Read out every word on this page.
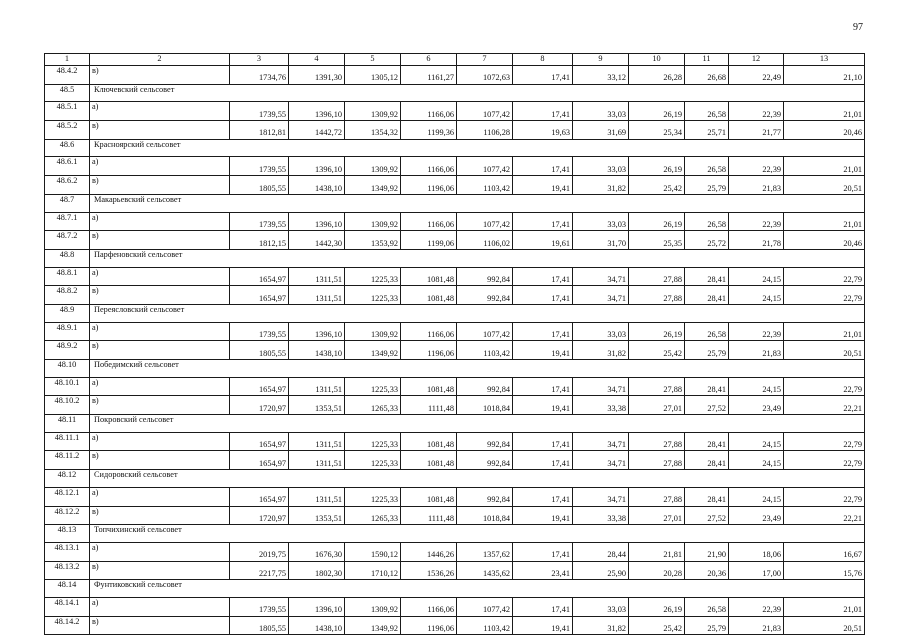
97
1	2	3	4	5	6	7	8	9	10	11	12	13
48.4.2	в)	1734,76	1391,30	1305,12	1161,27	1072,63	17,41	33,12	26,28	26,68	22,49	21,10
48.5	Ключевский сельсовет											
48.5.1	а)	1739,55	1396,10	1309,92	1166,06	1077,42	17,41	33,03	26,19	26,58	22,39	21,01
48.5.2	в)	1812,81	1442,72	1354,32	1199,36	1106,28	19,63	31,69	25,34	25,71	21,77	20,46
48.6	Красноярский сельсовет											
48.6.1	а)	1739,55	1396,10	1309,92	1166,06	1077,42	17,41	33,03	26,19	26,58	22,39	21,01
48.6.2	в)	1805,55	1438,10	1349,92	1196,06	1103,42	19,41	31,82	25,42	25,79	21,83	20,51
48.7	Макарьевский сельсовет											
48.7.1	а)	1739,55	1396,10	1309,92	1166,06	1077,42	17,41	33,03	26,19	26,58	22,39	21,01
48.7.2	в)	1812,15	1442,30	1353,92	1199,06	1106,02	19,61	31,70	25,35	25,72	21,78	20,46
48.8	Парфеновский сельсовет											
48.8.1	а)	1654,97	1311,51	1225,33	1081,48	992,84	17,41	34,71	27,88	28,41	24,15	22,79
48.8.2	в)	1654,97	1311,51	1225,33	1081,48	992,84	17,41	34,71	27,88	28,41	24,15	22,79
48.9	Переясловский сельсовет											
48.9.1	а)	1739,55	1396,10	1309,92	1166,06	1077,42	17,41	33,03	26,19	26,58	22,39	21,01
48.9.2	в)	1805,55	1438,10	1349,92	1196,06	1103,42	19,41	31,82	25,42	25,79	21,83	20,51
48.10	Победимский сельсовет											
48.10.1	а)	1654,97	1311,51	1225,33	1081,48	992,84	17,41	34,71	27,88	28,41	24,15	22,79
48.10.2	в)	1720,97	1353,51	1265,33	1111,48	1018,84	19,41	33,38	27,01	27,52	23,49	22,21
48.11	Покровский сельсовет											
48.11.1	а)	1654,97	1311,51	1225,33	1081,48	992,84	17,41	34,71	27,88	28,41	24,15	22,79
48.11.2	в)	1654,97	1311,51	1225,33	1081,48	992,84	17,41	34,71	27,88	28,41	24,15	22,79
48.12	Сидоровский сельсовет											
48.12.1	а)	1654,97	1311,51	1225,33	1081,48	992,84	17,41	34,71	27,88	28,41	24,15	22,79
48.12.2	в)	1720,97	1353,51	1265,33	1111,48	1018,84	19,41	33,38	27,01	27,52	23,49	22,21
48.13	Топчихинский сельсовет											
48.13.1	а)	2019,75	1676,30	1590,12	1446,26	1357,62	17,41	28,44	21,81	21,90	18,06	16,67
48.13.2	в)	2217,75	1802,30	1710,12	1536,26	1435,62	23,41	25,90	20,28	20,36	17,00	15,76
48.14	Фунтиковский сельсовет											
48.14.1	а)	1739,55	1396,10	1309,92	1166,06	1077,42	17,41	33,03	26,19	26,58	22,39	21,01
48.14.2	в)	1805,55	1438,10	1349,92	1196,06	1103,42	19,41	31,82	25,42	25,79	21,83	20,51
